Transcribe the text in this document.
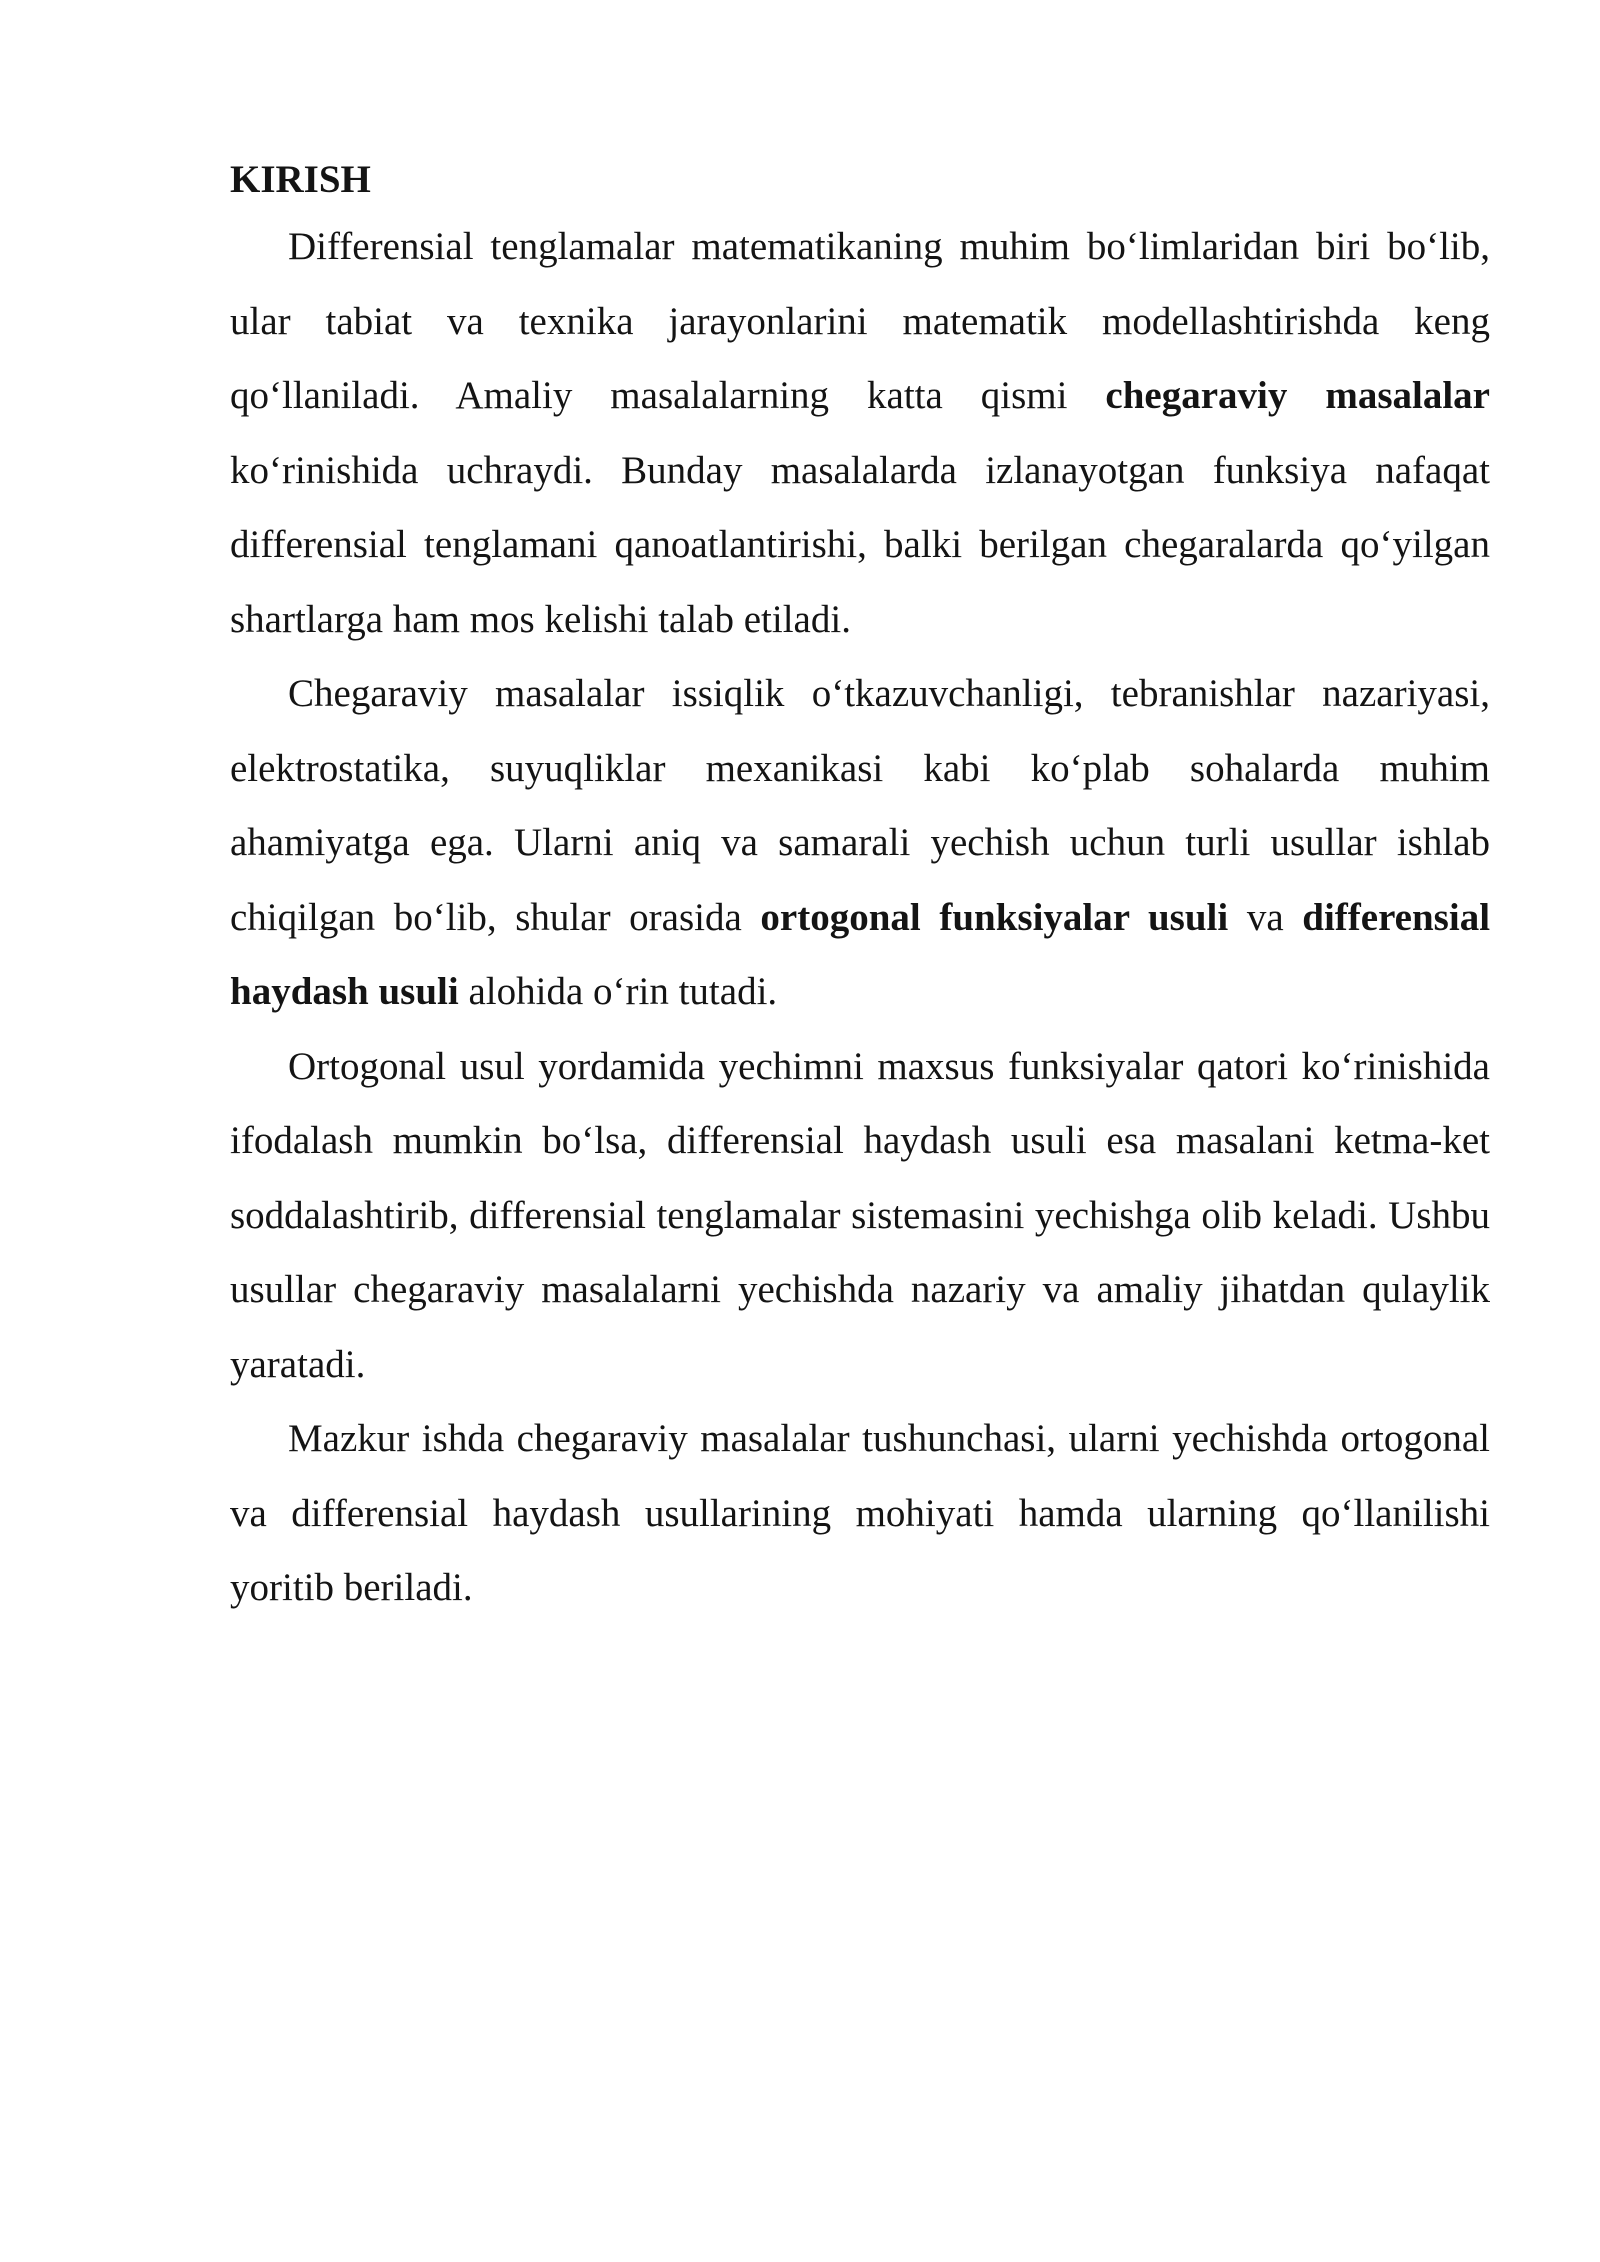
KIRISH

Differensial tenglamalar matematikaning muhim bo‘limlaridan biri bo‘lib, ular tabiat va texnika jarayonlarini matematik modellashtirishda keng qo‘llaniladi. Amaliy masalalarning katta qismi chegaraviy masalalar ko‘rinishida uchraydi. Bunday masalalarda izlanayotgan funksiya nafaqat differensial tenglamani qanoatlantirishi, balki berilgan chegaralarda qo‘yilgan shartlarga ham mos kelishi talab etiladi.

Chegaraviy masalalar issiqlik o‘tkazuvchanligi, tebranishlar nazariyasi, elektrostatika, suyuqliklar mexanikasi kabi ko‘plab sohalarda muhim ahamiyatga ega. Ularni aniq va samarali yechish uchun turli usullar ishlab chiqilgan bo‘lib, shular orasida ortogonal funksiyalar usuli va differensial haydash usuli alohida o‘rin tutadi.

Ortogonal usul yordamida yechimni maxsus funksiyalar qatori ko‘rinishida ifodalash mumkin bo‘lsa, differensial haydash usuli esa masalani ketma-ket soddalashtirib, differensial tenglamalar sistemasini yechishga olib keladi. Ushbu usullar chegaraviy masalalarni yechishda nazariy va amaliy jihatdan qulaylik yaratadi.

Mazkur ishda chegaraviy masalalar tushunchasi, ularni yechishda ortogonal va differensial haydash usullarining mohiyati hamda ularning qo‘llanilishi yoritib beriladi.
